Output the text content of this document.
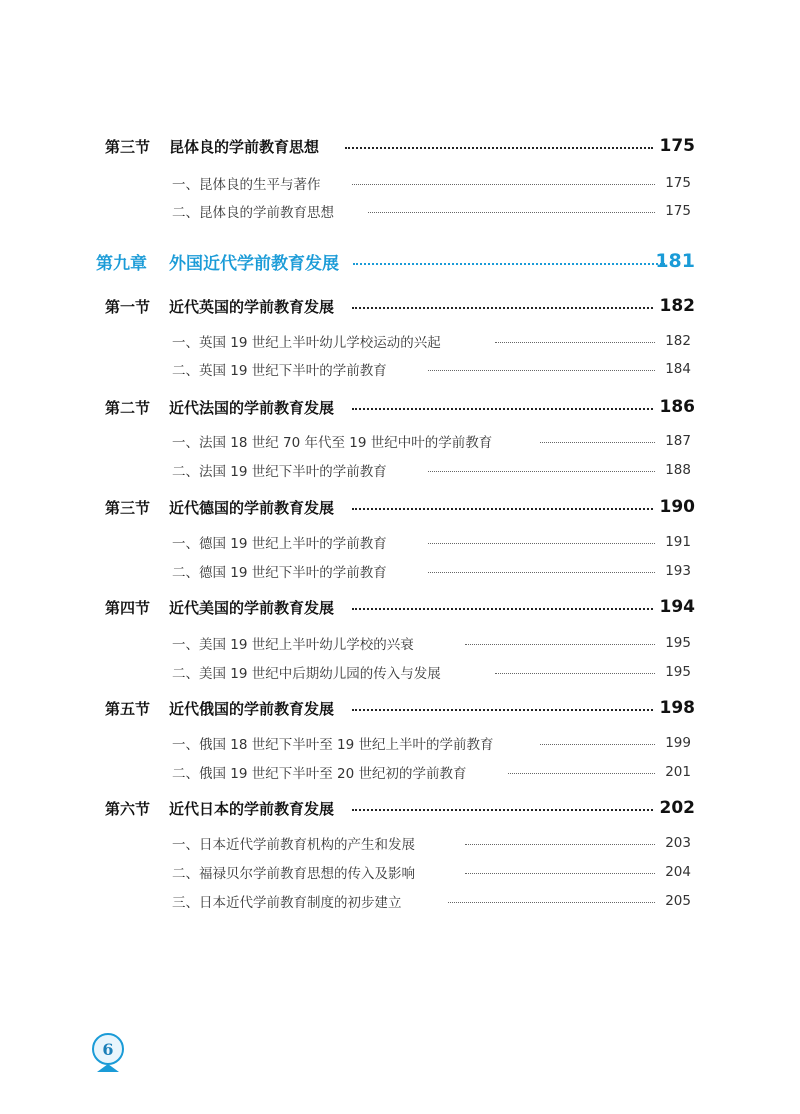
第三节 昆体良的学前教育思想	175
一、昆体良的生平与著作	175
二、昆体良的学前教育思想	175
第九章 外国近代学前教育发展	181
第一节 近代英国的学前教育发展	182
一、英国 19 世纪上半叶幼儿学校运动的兴起	182
二、英国 19 世纪下半叶的学前教育	184
第二节 近代法国的学前教育发展	186
一、法国 18 世纪 70 年代至 19 世纪中叶的学前教育	187
二、法国 19 世纪下半叶的学前教育	188
第三节 近代德国的学前教育发展	190
一、德国 19 世纪上半叶的学前教育	191
二、德国 19 世纪下半叶的学前教育	193
第四节 近代美国的学前教育发展	194
一、美国 19 世纪上半叶幼儿学校的兴衰	195
二、美国 19 世纪中后期幼儿园的传入与发展	195
第五节 近代俄国的学前教育发展	198
一、俄国 18 世纪下半叶至 19 世纪上半叶的学前教育	199
二、俄国 19 世纪下半叶至 20 世纪初的学前教育	201
第六节 近代日本的学前教育发展	202
一、日本近代学前教育机构的产生和发展	203
二、福禄贝尔学前教育思想的传入及影响	204
三、日本近代学前教育制度的初步建立	205
6
